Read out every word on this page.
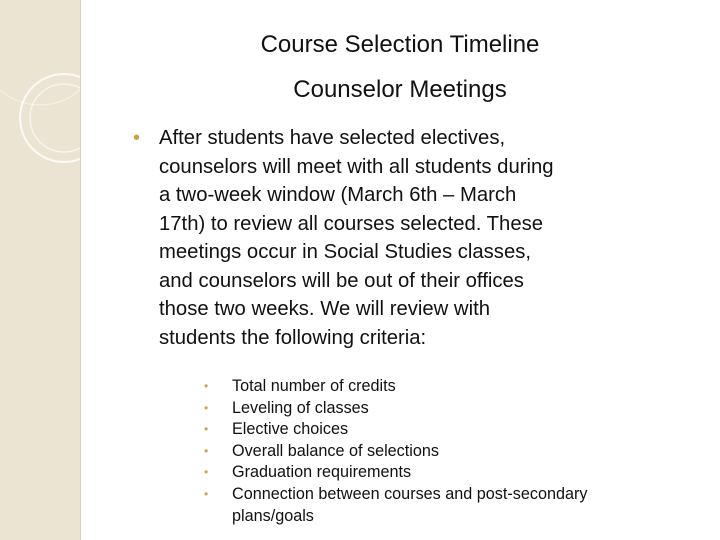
Course Selection Timeline
Counselor Meetings
• After students have selected electives,
counselors will meet with all students during
a two-week window (March 6th – March
17th) to review all courses selected. These
meetings occur in Social Studies classes,
and counselors will be out of their offices
those two weeks. We will review with
students the following criteria:

• Total number of credits
• Leveling of classes
• Elective choices
• Overall balance of selections
• Graduation requirements
• Connection between courses and post-secondary plans/goals
